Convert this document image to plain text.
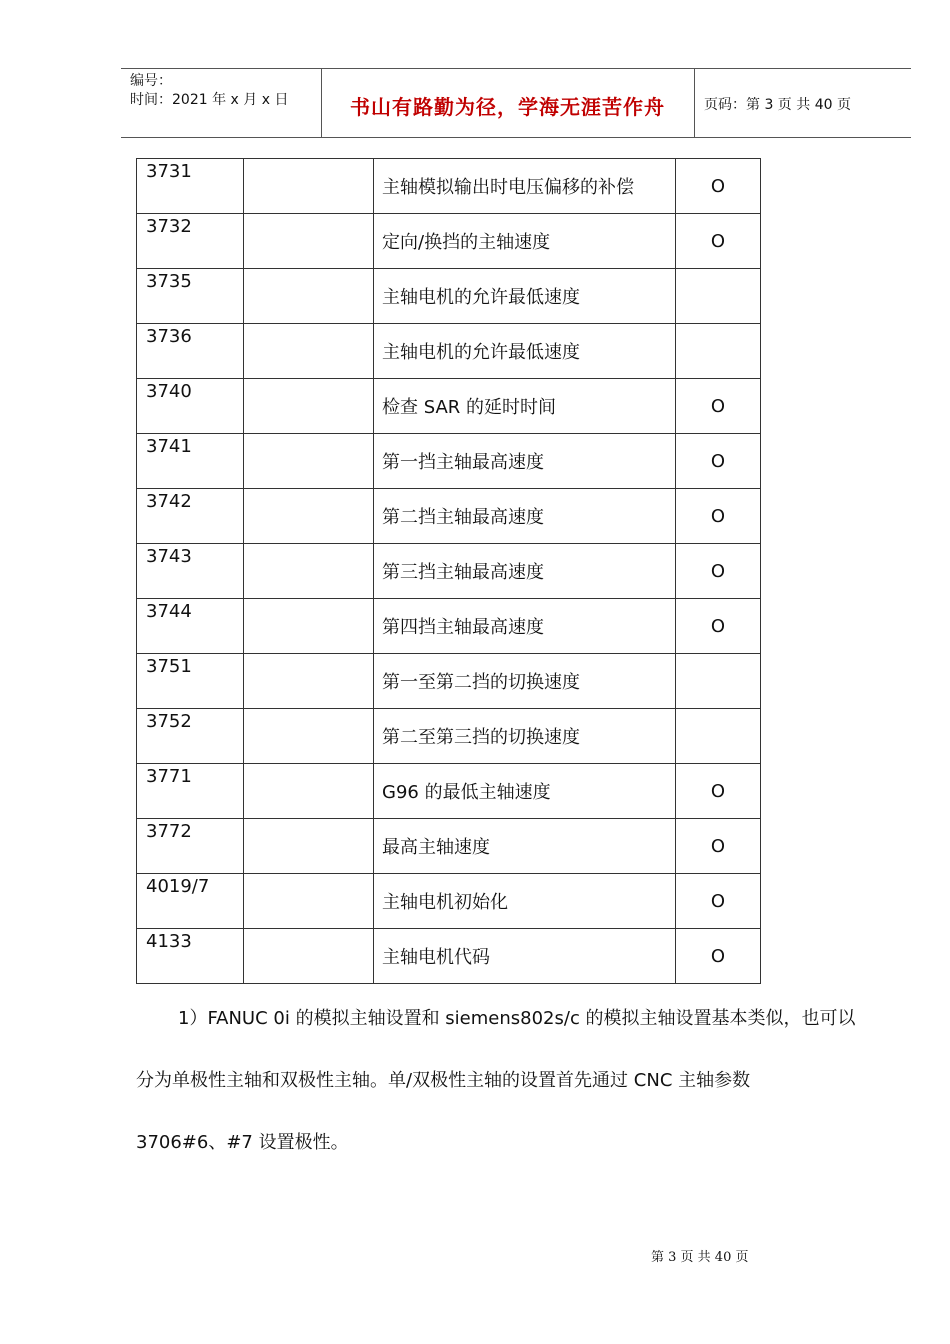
编号：
时间：2021 年 x 月 x 日	书山有路勤为径，学海无涯苦作舟	页码：第 3 页 共 40 页
3731		主轴模拟输出时电压偏移的补偿	O
3732		定向/换挡的主轴速度	O
3735		主轴电机的允许最低速度	
3736		主轴电机的允许最低速度	
3740		检查 SAR 的延时时间	O
3741		第一挡主轴最高速度	O
3742		第二挡主轴最高速度	O
3743		第三挡主轴最高速度	O
3744		第四挡主轴最高速度	O
3751		第一至第二挡的切换速度	
3752		第二至第三挡的切换速度	
3771		G96 的最低主轴速度	O
3772		最高主轴速度	O
4019/7		主轴电机初始化	O
4133		主轴电机代码	O
1）FANUC 0i 的模拟主轴设置和 siemens802s/c 的模拟主轴设置基本类似，也可以
分为单极性主轴和双极性主轴。单/双极性主轴的设置首先通过 CNC 主轴参数
3706#6、#7 设置极性。
第 3 页 共 40 页
